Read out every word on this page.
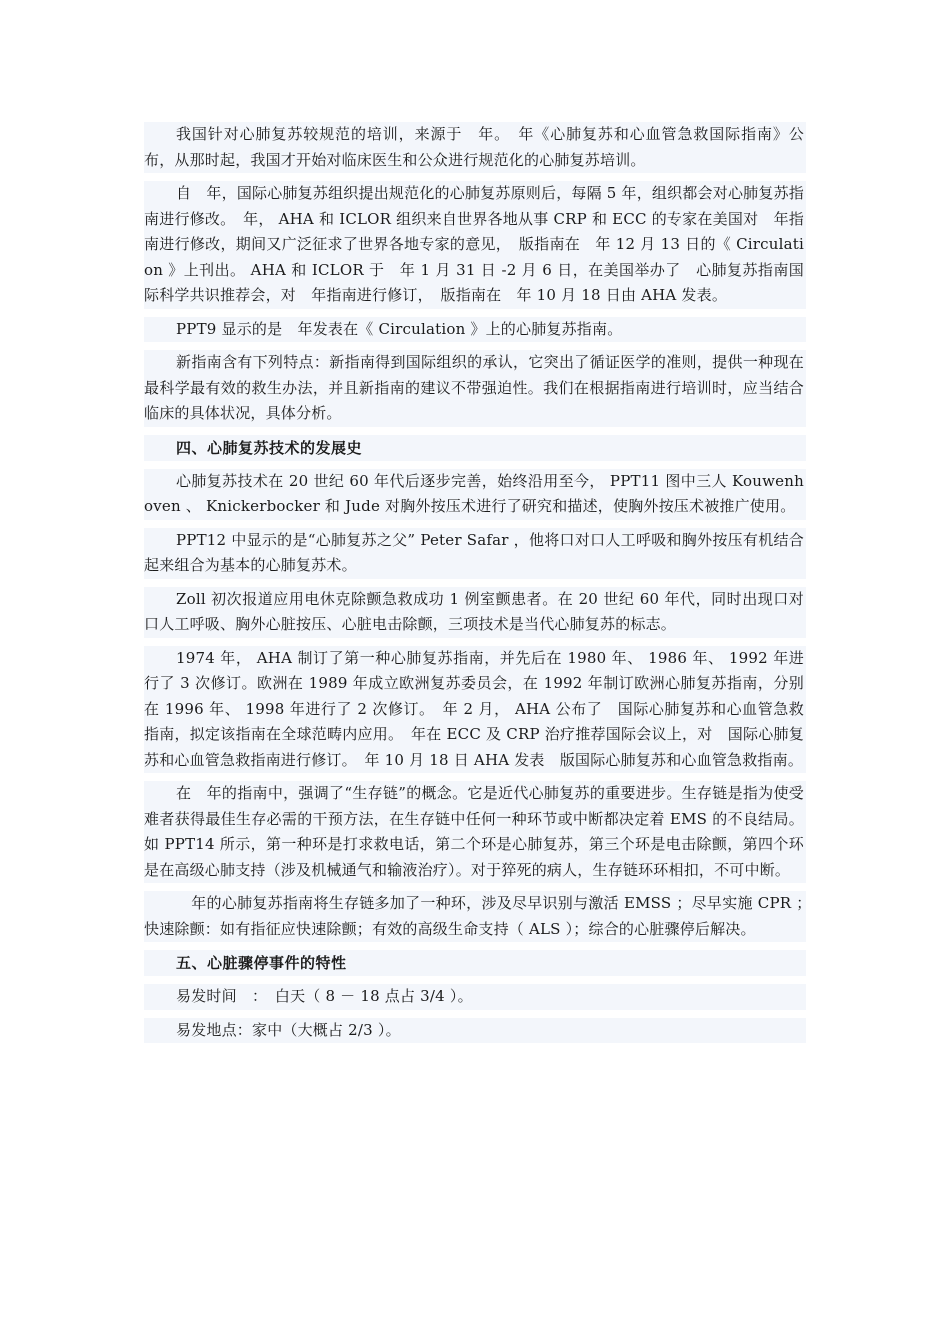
我国针对心肺复苏较规范的培训，来源于　年。　年《心肺复苏和心血管急救国际指南》公布，从那时起，我国才开始对临床医生和公众进行规范化的心肺复苏培训。

自　年，国际心肺复苏组织提出规范化的心肺复苏原则后，每隔 5 年，组织都会对心肺复苏指南进行修改。　年， AHA 和 ICLOR 组织来自世界各地从事 CRP 和 ECC 的专家在美国对　年指南进行修改，期间又广泛征求了世界各地专家的意见，　版指南在　年 12 月 13 日的《 Circulation 》上刊出。 AHA 和 ICLOR 于　年 1 月 31 日 -2 月 6 日，在美国举办了　心肺复苏指南国际科学共识推荐会，对　年指南进行修订，　版指南在　年 10 月 18 日由 AHA 发表。

PPT9 显示的是　年发表在《 Circulation 》上的心肺复苏指南。

新指南含有下列特点：新指南得到国际组织的承认，它突出了循证医学的准则，提供一种现在最科学最有效的救生办法，并且新指南的建议不带强迫性。我们在根据指南进行培训时，应当结合临床的具体状况，具体分析。

四、心肺复苏技术的发展史

心肺复苏技术在 20 世纪 60 年代后逐步完善，始终沿用至今， PPT11 图中三人 Kouwenhoven 、 Knickerbocker 和 Jude 对胸外按压术进行了研究和描述，使胸外按压术被推广使用。

PPT12 中显示的是“心肺复苏之父” Peter Safar ，他将口对口人工呼吸和胸外按压有机结合起来组合为基本的心肺复苏术。

Zoll 初次报道应用电休克除颤急救成功 1 例室颤患者。在 20 世纪 60 年代，同时出现口对口人工呼吸、胸外心脏按压、心脏电击除颤，三项技术是当代心肺复苏的标志。

1974 年， AHA 制订了第一种心肺复苏指南，并先后在 1980 年、 1986 年、 1992 年进行了 3 次修订。欧洲在 1989 年成立欧洲复苏委员会，在 1992 年制订欧洲心肺复苏指南，分别在 1996 年、 1998 年进行了 2 次修订。　年 2 月， AHA 公布了　国际心肺复苏和心血管急救指南，拟定该指南在全球范畴内应用。　年在 ECC 及 CRP 治疗推荐国际会议上，对　国际心肺复苏和心血管急救指南进行修订。　年 10 月 18 日 AHA 发表　版国际心肺复苏和心血管急救指南。

在　年的指南中，强调了“生存链”的概念。它是近代心肺复苏的重要进步。生存链是指为使受难者获得最佳生存必需的干预方法，在生存链中任何一种环节或中断都决定着 EMS 的不良结局。如 PPT14 所示，第一种环是打求救电话，第二个环是心肺复苏，第三个环是电击除颤，第四个环是在高级心肺支持（涉及机械通气和输液治疗）。对于猝死的病人，生存链环环相扣，不可中断。

　年的心肺复苏指南将生存链多加了一种环，涉及尽早识别与激活 EMSS ；尽早实施 CPR ；　快速除颤：如有指征应快速除颤；有效的高级生命支持（ ALS ）；综合的心脏骤停后解决。

五、心脏骤停事件的特性

易发时间　：　白天（ 8 － 18 点占 3/4 ）。

易发地点：家中（大概占 2/3 ）。
